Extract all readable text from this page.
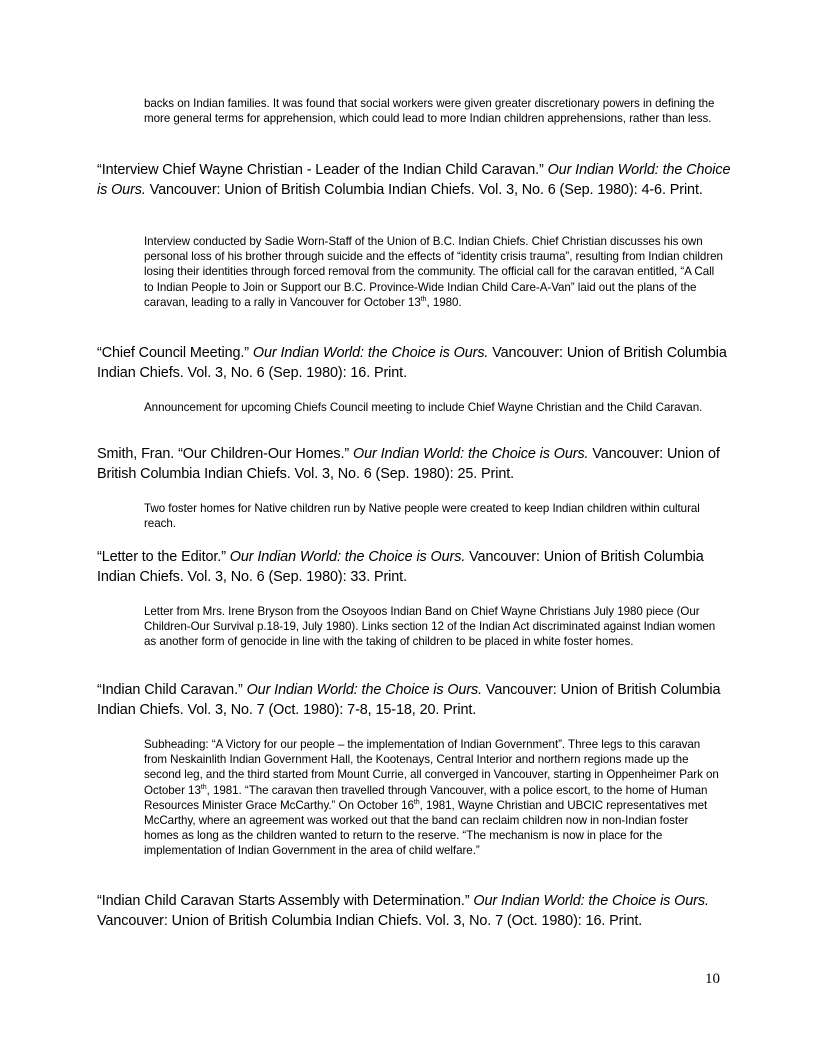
backs on Indian families. It was found that social workers were given greater discretionary powers in defining the more general terms for apprehension, which could lead to more Indian children apprehensions, rather than less.

“Interview Chief Wayne Christian - Leader of the Indian Child Caravan.” Our Indian World: the Choice is Ours. Vancouver: Union of British Columbia Indian Chiefs. Vol. 3, No. 6 (Sep. 1980): 4-6. Print.

Interview conducted by Sadie Worn-Staff of the Union of B.C. Indian Chiefs. Chief Christian discusses his own personal loss of his brother through suicide and the effects of “identity crisis trauma”, resulting from Indian children losing their identities through forced removal from the community. The official call for the caravan entitled, “A Call to Indian People to Join or Support our B.C. Province-Wide Indian Child Care-A-Van” laid out the plans of the caravan, leading to a rally in Vancouver for October 13th, 1980.

“Chief Council Meeting.” Our Indian World: the Choice is Ours. Vancouver: Union of British Columbia Indian Chiefs. Vol. 3, No. 6 (Sep. 1980): 16. Print.

Announcement for upcoming Chiefs Council meeting to include Chief Wayne Christian and the Child Caravan.

Smith, Fran. “Our Children-Our Homes.” Our Indian World: the Choice is Ours. Vancouver: Union of British Columbia Indian Chiefs. Vol. 3, No. 6 (Sep. 1980): 25. Print.

Two foster homes for Native children run by Native people were created to keep Indian children within cultural reach.

“Letter to the Editor.” Our Indian World: the Choice is Ours. Vancouver: Union of British Columbia Indian Chiefs. Vol. 3, No. 6 (Sep. 1980): 33. Print.

Letter from Mrs. Irene Bryson from the Osoyoos Indian Band on Chief Wayne Christians July 1980 piece (Our Children-Our Survival p.18-19, July 1980). Links section 12 of the Indian Act discriminated against Indian women as another form of genocide in line with the taking of children to be placed in white foster homes.

“Indian Child Caravan.” Our Indian World: the Choice is Ours. Vancouver: Union of British Columbia Indian Chiefs. Vol. 3, No. 7 (Oct. 1980): 7-8, 15-18, 20. Print.

Subheading: “A Victory for our people – the implementation of Indian Government”. Three legs to this caravan from Neskainlith Indian Government Hall, the Kootenays, Central Interior and northern regions made up the second leg, and the third started from Mount Currie, all converged in Vancouver, starting in Oppenheimer Park on October 13th, 1981. “The caravan then travelled through Vancouver, with a police escort, to the home of Human Resources Minister Grace McCarthy.” On October 16th, 1981, Wayne Christian and UBCIC representatives met McCarthy, where an agreement was worked out that the band can reclaim children now in non-Indian foster homes as long as the children wanted to return to the reserve. “The mechanism is now in place for the implementation of Indian Government in the area of child welfare.”

“Indian Child Caravan Starts Assembly with Determination.” Our Indian World: the Choice is Ours. Vancouver: Union of British Columbia Indian Chiefs. Vol. 3, No. 7 (Oct. 1980): 16. Print.

10
